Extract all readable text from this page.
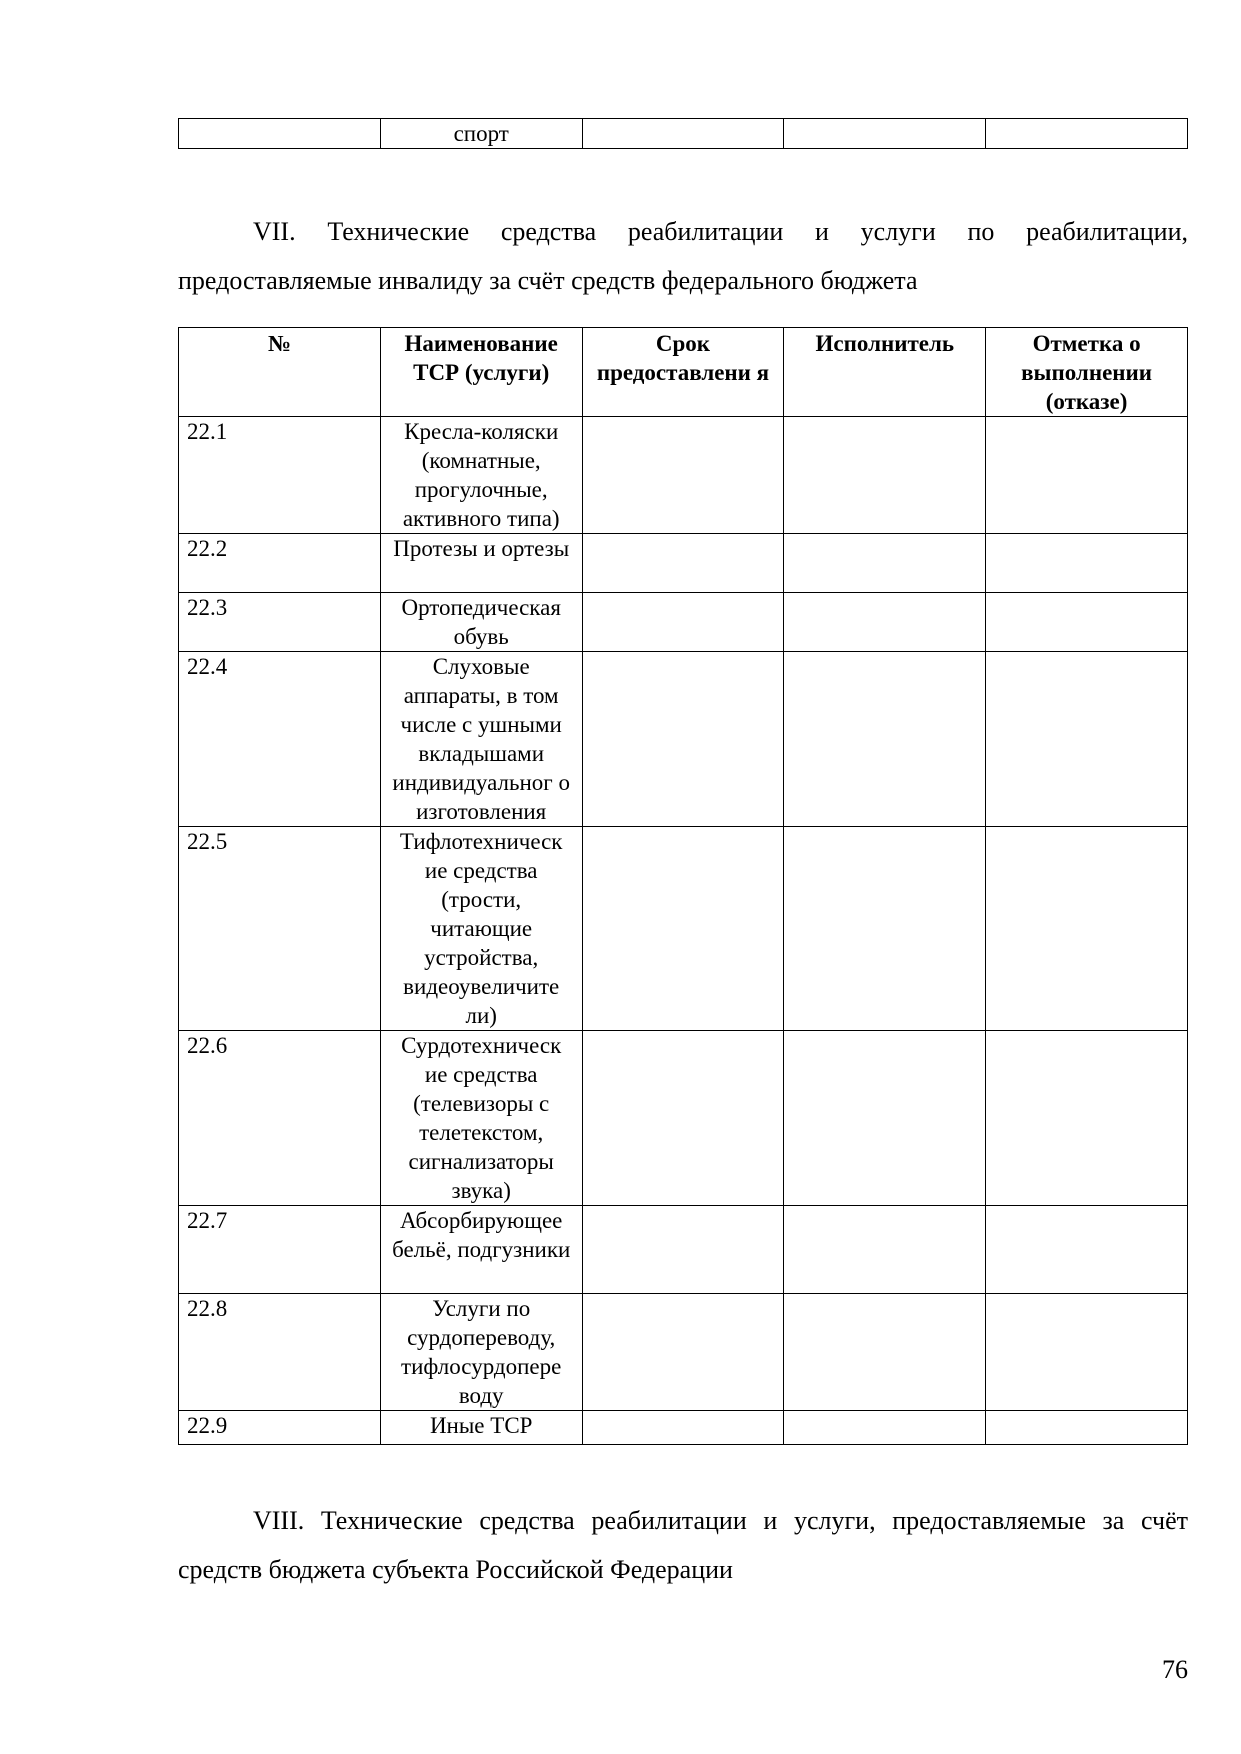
	спорт			

VII. Технические средства реабилитации и услуги по реабилитации, предоставляемые инвалиду за счёт средств федерального бюджета

№	Наименование ТСР (услуги)	Срок предоставлени я	Исполнитель	Отметка о выполнении (отказе)
22.1	Кресла-коляски (комнатные, прогулочные, активного типа)			
22.2	Протезы и ортезы			
22.3	Ортопедическая обувь			
22.4	Слуховые аппараты, в том числе с ушными вкладышами индивидуальног о изготовления			
22.5	Тифлотехническ ие средства (трости, читающие устройства, видеоувеличите ли)			
22.6	Сурдотехническ ие средства (телевизоры с телетекстом, сигнализаторы звука)			
22.7	Абсорбирующее бельё, подгузники			
22.8	Услуги по сурдопереводу, тифлосурдопере воду			
22.9	Иные ТСР			

VIII. Технические средства реабилитации и услуги, предоставляемые за счёт средств бюджета субъекта Российской Федерации

76
